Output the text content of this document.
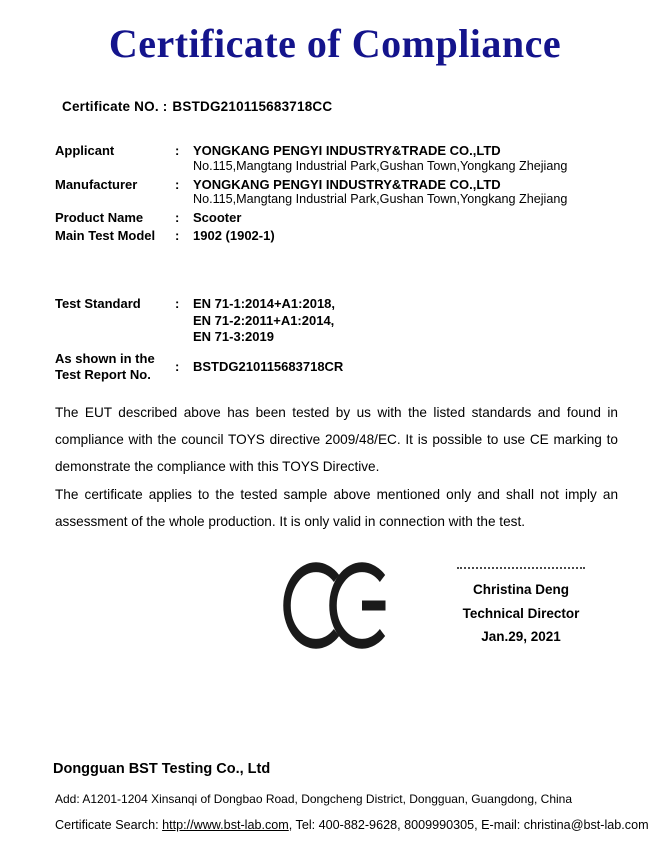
Certificate of Compliance
Certificate NO. : BSTDG210115683718CC
Applicant	:	YONGKANG PENGYI INDUSTRY&TRADE CO.,LTD
No.115,Mangtang Industrial Park,Gushan Town,Yongkang Zhejiang
Manufacturer	:	YONGKANG PENGYI INDUSTRY&TRADE CO.,LTD
No.115,Mangtang Industrial Park,Gushan Town,Yongkang Zhejiang
Product Name	:	Scooter
Main Test Model	:	1902 (1902-1)
Test Standard	:	EN 71-1:2014+A1:2018,
EN 71-2:2011+A1:2014,
EN 71-3:2019
As shown in the
Test Report No.
:	BSTDG210115683718CR

The EUT described above has been tested by us with the listed standards and found in compliance with the council TOYS directive 2009/48/EC. It is possible to use CE marking to demonstrate the compliance with this TOYS Directive.

The certificate applies to the tested sample above mentioned only and shall not imply an assessment of the whole production. It is only valid in connection with the test.

Christina Deng
Technical Director
Jan.29, 2021
Dongguan BST Testing Co., Ltd
Add: A1201-1204 Xinsanqi of Dongbao Road, Dongcheng District, Dongguan, Guangdong, China
Certificate Search: http://www.bst-lab.com, Tel: 400-882-9628, 8009990305, E-mail: christina@bst-lab.com
